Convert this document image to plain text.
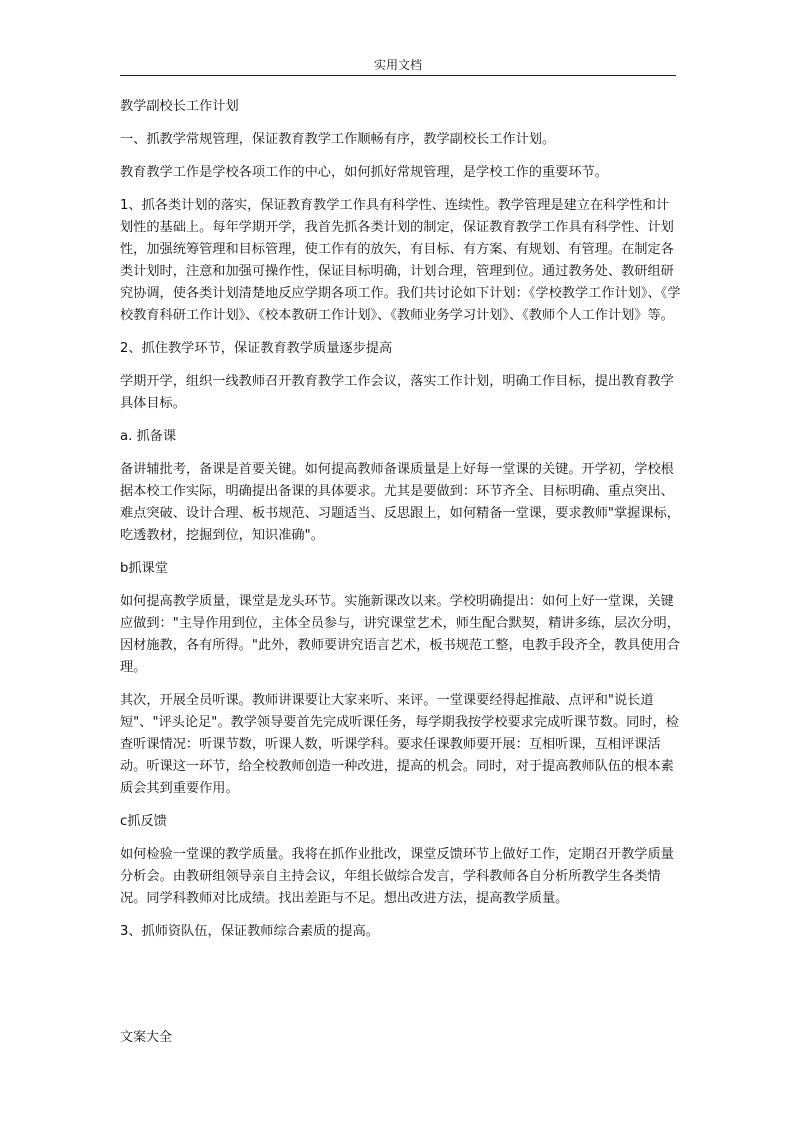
实用文档

教学副校长工作计划

一、抓教学常规管理，保证教育教学工作顺畅有序，教学副校长工作计划。

教育教学工作是学校各项工作的中心，如何抓好常规管理，是学校工作的重要环节。

1、抓各类计划的落实，保证教育教学工作具有科学性、连续性。教学管理是建立在科学性和计划性的基础上。每年学期开学，我首先抓各类计划的制定，保证教育教学工作具有科学性、计划性，加强统筹管理和目标管理，使工作有的放矢，有目标、有方案、有规划、有管理。在制定各类计划时，注意和加强可操作性，保证目标明确，计划合理，管理到位。通过教务处、教研组研究协调，使各类计划清楚地反应学期各项工作。我们共讨论如下计划：《学校教学工作计划》、《学校教育科研工作计划》、《校本教研工作计划》、《教师业务学习计划》、《教师个人工作计划》等。

2、抓住教学环节，保证教育教学质量逐步提高

学期开学，组织一线教师召开教育教学工作会议，落实工作计划，明确工作目标，提出教育教学具体目标。

a. 抓备课

备讲辅批考，备课是首要关键。如何提高教师备课质量是上好每一堂课的关键。开学初，学校根据本校工作实际，明确提出备课的具体要求。尤其是要做到：环节齐全、目标明确、重点突出、难点突破、设计合理、板书规范、习题适当、反思跟上，如何精备一堂课，要求教师"掌握课标，吃透教材，挖掘到位，知识准确"。

b抓课堂

如何提高教学质量，课堂是龙头环节。实施新课改以来。学校明确提出：如何上好一堂课，关键应做到："主导作用到位，主体全员参与，讲究课堂艺术，师生配合默契，精讲多练，层次分明，因材施教，各有所得。"此外，教师要讲究语言艺术，板书规范工整，电教手段齐全，教具使用合理。

其次，开展全员听课。教师讲课要让大家来听、来评。一堂课要经得起推敲、点评和"说长道短"、"评头论足"。教学领导要首先完成听课任务，每学期我按学校要求完成听课节数。同时，检查听课情况：听课节数，听课人数，听课学科。要求任课教师要开展：互相听课，互相评课活动。听课这一环节，给全校教师创造一种改进，提高的机会。同时，对于提高教师队伍的根本素质会其到重要作用。

c抓反馈

如何检验一堂课的教学质量。我将在抓作业批改，课堂反馈环节上做好工作，定期召开教学质量分析会。由教研组领导亲自主持会议，年组长做综合发言，学科教师各自分析所教学生各类情况。同学科教师对比成绩。找出差距与不足。想出改进方法，提高教学质量。

3、抓师资队伍，保证教师综合素质的提高。

文案大全
